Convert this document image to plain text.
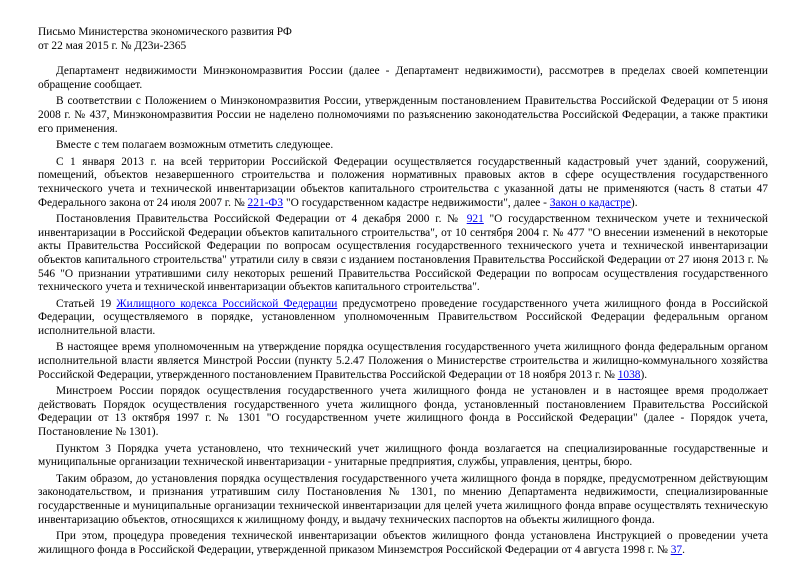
Письмо Министерства экономического развития РФ
от 22 мая 2015 г. № Д23и-2365

Департамент недвижимости Минэкономразвития России (далее - Департамент недвижимости), рассмотрев в пределах своей компетенции обращение сообщает.

В соответствии с Положением о Минэкономразвития России, утвержденным постановлением Правительства Российской Федерации от 5 июня 2008 г. № 437, Минэкономразвития России не наделено полномочиями по разъяснению законодательства Российской Федерации, а также практики его применения.

Вместе с тем полагаем возможным отметить следующее.

С 1 января 2013 г. на всей территории Российской Федерации осуществляется государственный кадастровый учет зданий, сооружений, помещений, объектов незавершенного строительства и положения нормативных правовых актов в сфере осуществления государственного технического учета и технической инвентаризации объектов капитального строительства с указанной даты не применяются (часть 8 статьи 47 Федерального закона от 24 июля 2007 г. № 221-ФЗ "О государственном кадастре недвижимости", далее - Закон о кадастре).

Постановления Правительства Российской Федерации от 4 декабря 2000 г. № 921 "О государственном техническом учете и технической инвентаризации в Российской Федерации объектов капитального строительства", от 10 сентября 2004 г. № 477 "О внесении изменений в некоторые акты Правительства Российской Федерации по вопросам осуществления государственного технического учета и технической инвентаризации объектов капитального строительства" утратили силу в связи с изданием постановления Правительства Российской Федерации от 27 июня 2013 г. № 546 "О признании утратившими силу некоторых решений Правительства Российской Федерации по вопросам осуществления государственного технического учета и технической инвентаризации объектов капитального строительства".

Статьей 19 Жилищного кодекса Российской Федерации предусмотрено проведение государственного учета жилищного фонда в Российской Федерации, осуществляемого в порядке, установленном уполномоченным Правительством Российской Федерации федеральным органом исполнительной власти.

В настоящее время уполномоченным на утверждение порядка осуществления государственного учета жилищного фонда федеральным органом исполнительной власти является Минстрой России (пункту 5.2.47 Положения о Министерстве строительства и жилищно-коммунального хозяйства Российской Федерации, утвержденного постановлением Правительства Российской Федерации от 18 ноября 2013 г. № 1038).

Минстроем России порядок осуществления государственного учета жилищного фонда не установлен и в настоящее время продолжает действовать Порядок осуществления государственного учета жилищного фонда, установленный постановлением Правительства Российской Федерации от 13 октября 1997 г. № 1301 "О государственном учете жилищного фонда в Российской Федерации" (далее - Порядок учета, Постановление № 1301).

Пунктом 3 Порядка учета установлено, что технический учет жилищного фонда возлагается на специализированные государственные и муниципальные организации технической инвентаризации - унитарные предприятия, службы, управления, центры, бюро.

Таким образом, до установления порядка осуществления государственного учета жилищного фонда в порядке, предусмотренном действующим законодательством, и признания утратившим силу Постановления № 1301, по мнению Департамента недвижимости, специализированные государственные и муниципальные организации технической инвентаризации для целей учета жилищного фонда вправе осуществлять техническую инвентаризацию объектов, относящихся к жилищному фонду, и выдачу технических паспортов на объекты жилищного фонда.

При этом, процедура проведения технической инвентаризации объектов жилищного фонда установлена Инструкцией о проведении учета жилищного фонда в Российской Федерации, утвержденной приказом Минземстроя Российской Федерации от 4 августа 1998 г. № 37.
